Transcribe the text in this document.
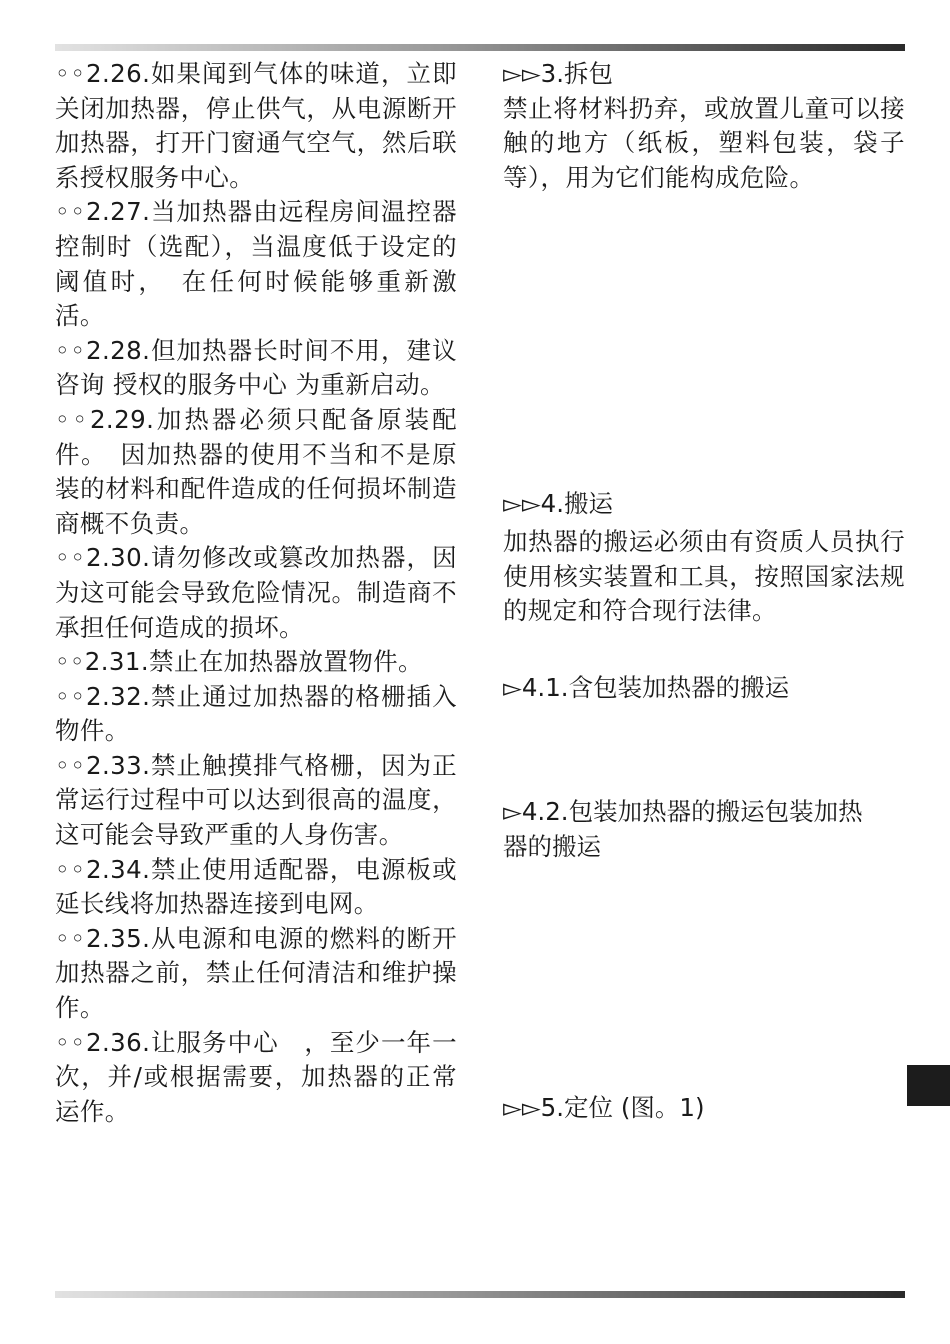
◦◦2.26.如果闻到气体的味道，立即关闭加热器，停止供气，从电源断开加热器，打开门窗通气空气，然后联系授权服务中心。

◦◦2.27.当加热器由远程房间温控器控制时（选配），当温度低于设定的阈值时，　在任何时候能够重新激活。

◦◦2.28.但加热器长时间不用，建议咨询 授权的服务中心 为重新启动。

◦◦2.29.加热器必须只配备原装配件。　因加热器的使用不当和不是原装的材料和配件造成的任何损坏制造商概不负责。

◦◦2.30.请勿修改或篡改加热器，因为这可能会导致危险情况。制造商不承担任何造成的损坏。

◦◦2.31.禁止在加热器放置物件。

◦◦2.32.禁止通过加热器的格栅插入物件。

◦◦2.33.禁止触摸排气格栅，因为正常运行过程中可以达到很高的温度，这可能会导致严重的人身伤害。

◦◦2.34.禁止使用适配器，电源板或延长线将加热器连接到电网。

◦◦2.35.从电源和电源的燃料的断开加热器之前，禁止任何清洁和维护操作。

◦◦2.36.让服务中心　，至少一年一次，并/或根据需要，加热器的正常运作。

▻▻3.拆包

禁止将材料扔弃，或放置儿童可以接触的地方（纸板，塑料包装，袋子等），用为它们能构成危险。

▻▻4.搬运

加热器的搬运必须由有资质人员执行使用核实装置和工具，按照国家法规的规定和符合现行法律。

▻4.1.含包装加热器的搬运

▻4.2.包装加热器的搬运包装加热器的搬运

▻▻5.定位 (图。1)
